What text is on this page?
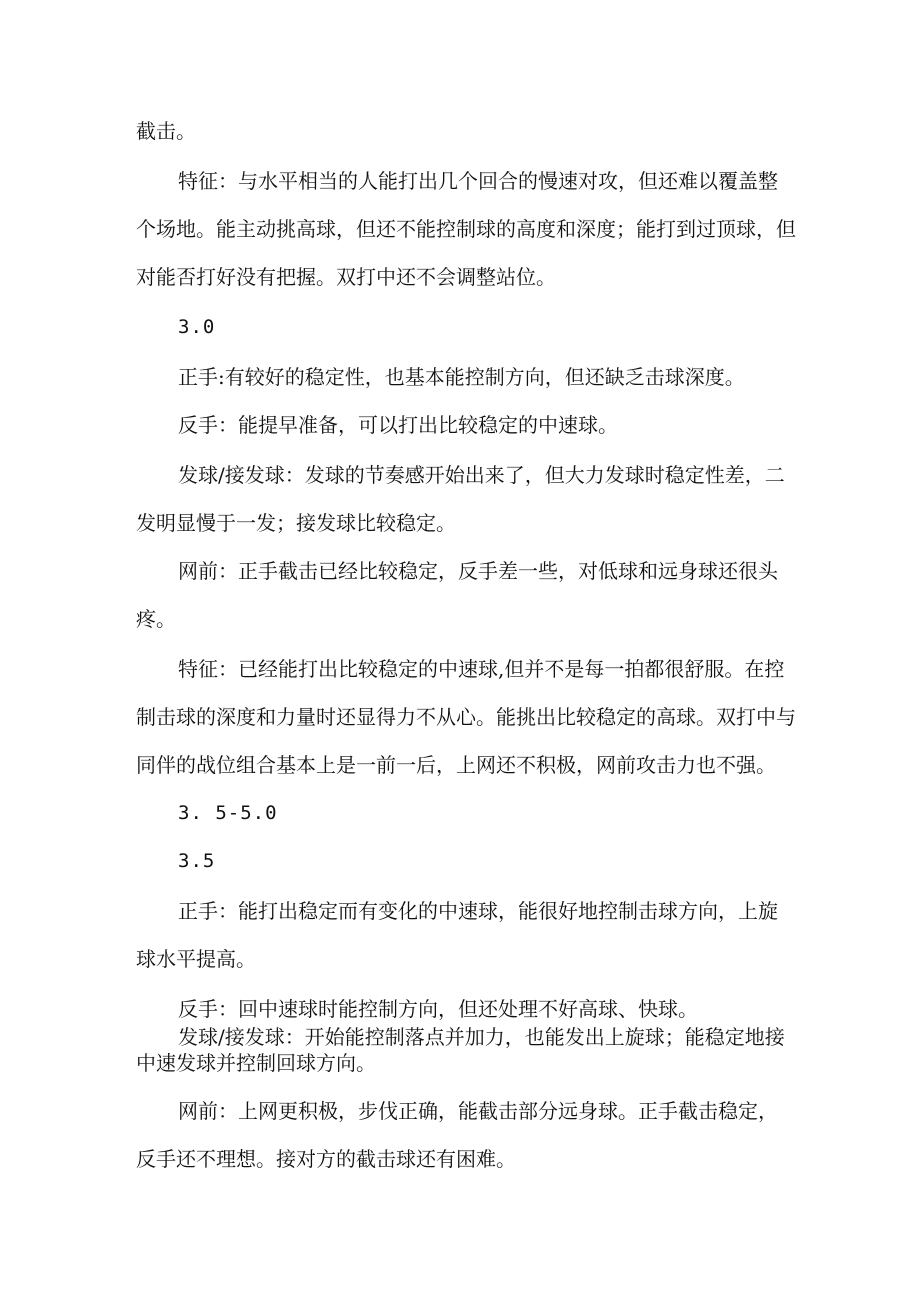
截击。

特征：与水平相当的人能打出几个回合的慢速对攻，但还难以覆盖整

个场地。能主动挑高球，但还不能控制球的高度和深度；能打到过顶球，但

对能否打好没有把握。双打中还不会调整站位。

3.0

正手:有较好的稳定性，也基本能控制方向，但还缺乏击球深度。

反手：能提早准备，可以打出比较稳定的中速球。

发球/接发球：发球的节奏感开始出来了，但大力发球时稳定性差，二

发明显慢于一发；接发球比较稳定。

网前：正手截击已经比较稳定，反手差一些，对低球和远身球还很头

疼。

特征：已经能打出比较稳定的中速球,但并不是每一拍都很舒服。在控

制击球的深度和力量时还显得力不从心。能挑出比较稳定的高球。双打中与

同伴的战位组合基本上是一前一后，上网还不积极，网前攻击力也不强。

3. 5-5.0

3.5

正手：能打出稳定而有变化的中速球，能很好地控制击球方向，上旋

球水平提高。

反手：回中速球时能控制方向，但还处理不好高球、快球。

发球/接发球：开始能控制落点并加力，也能发出上旋球；能稳定地接

中速发球并控制回球方向。

网前：上网更积极，步伐正确，能截击部分远身球。正手截击稳定，

反手还不理想。接对方的截击球还有困难。
